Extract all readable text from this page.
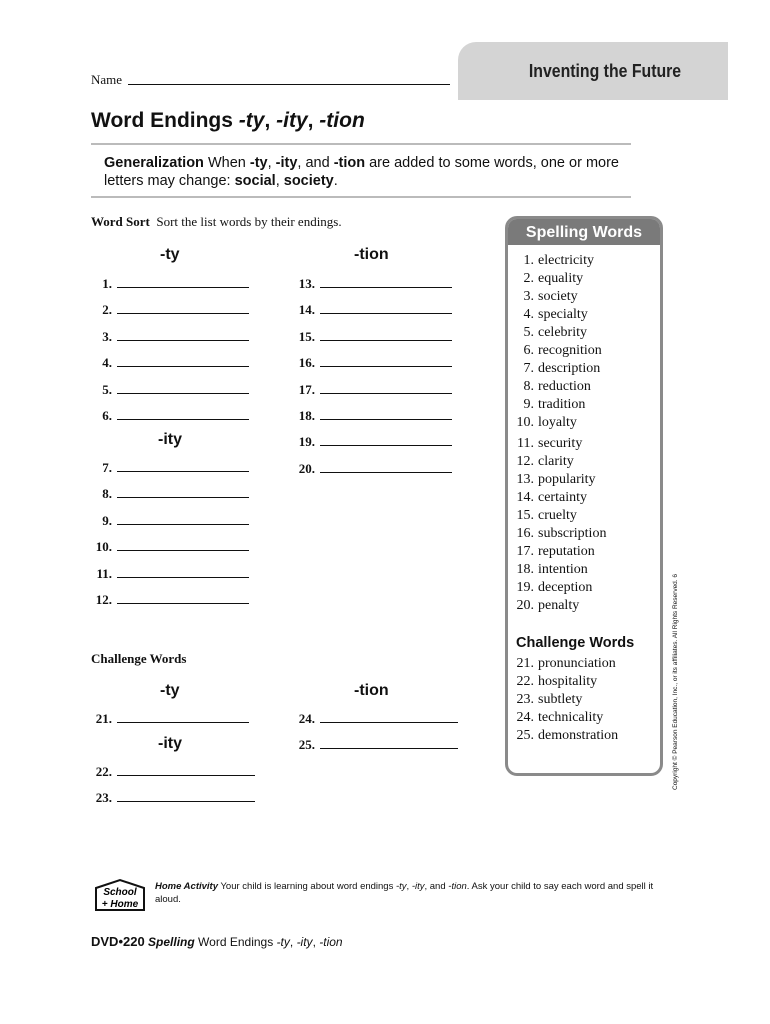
Inventing the Future
Name
Word Endings -ty, -ity, -tion
Generalization When -ty, -ity, and -tion are added to some words, one or more letters may change: social, society.
Word Sort Sort the list words by their endings.
-ty	-tion
-ity
1.
2.
3.
4.
5.
6.
7.
8.
9.
10.
11.
12.
13.
14.
15.
16.
17.
18.
19.
20.
Challenge Words
-ty	-tion
-ity
21.
22.
23.
24.
25.
Spelling Words
1. electricity
2. equality
3. society
4. specialty
5. celebrity
6. recognition
7. description
8. reduction
9. tradition
10. loyalty
11. security
12. clarity
13. popularity
14. certainty
15. cruelty
16. subscription
17. reputation
18. intention
19. deception
20. penalty
Challenge Words
21. pronunciation
22. hospitality
23. subtlety
24. technicality
25. demonstration	Copyright © Pearson Education, Inc., or its affiliates. All Rights Reserved. 6
School
+ Home
Home Activity Your child is learning about word endings -ty, -ity, and -tion. Ask your child to say each word and spell it aloud.
DVD•220 Spelling Word Endings -ty, -ity, -tion
